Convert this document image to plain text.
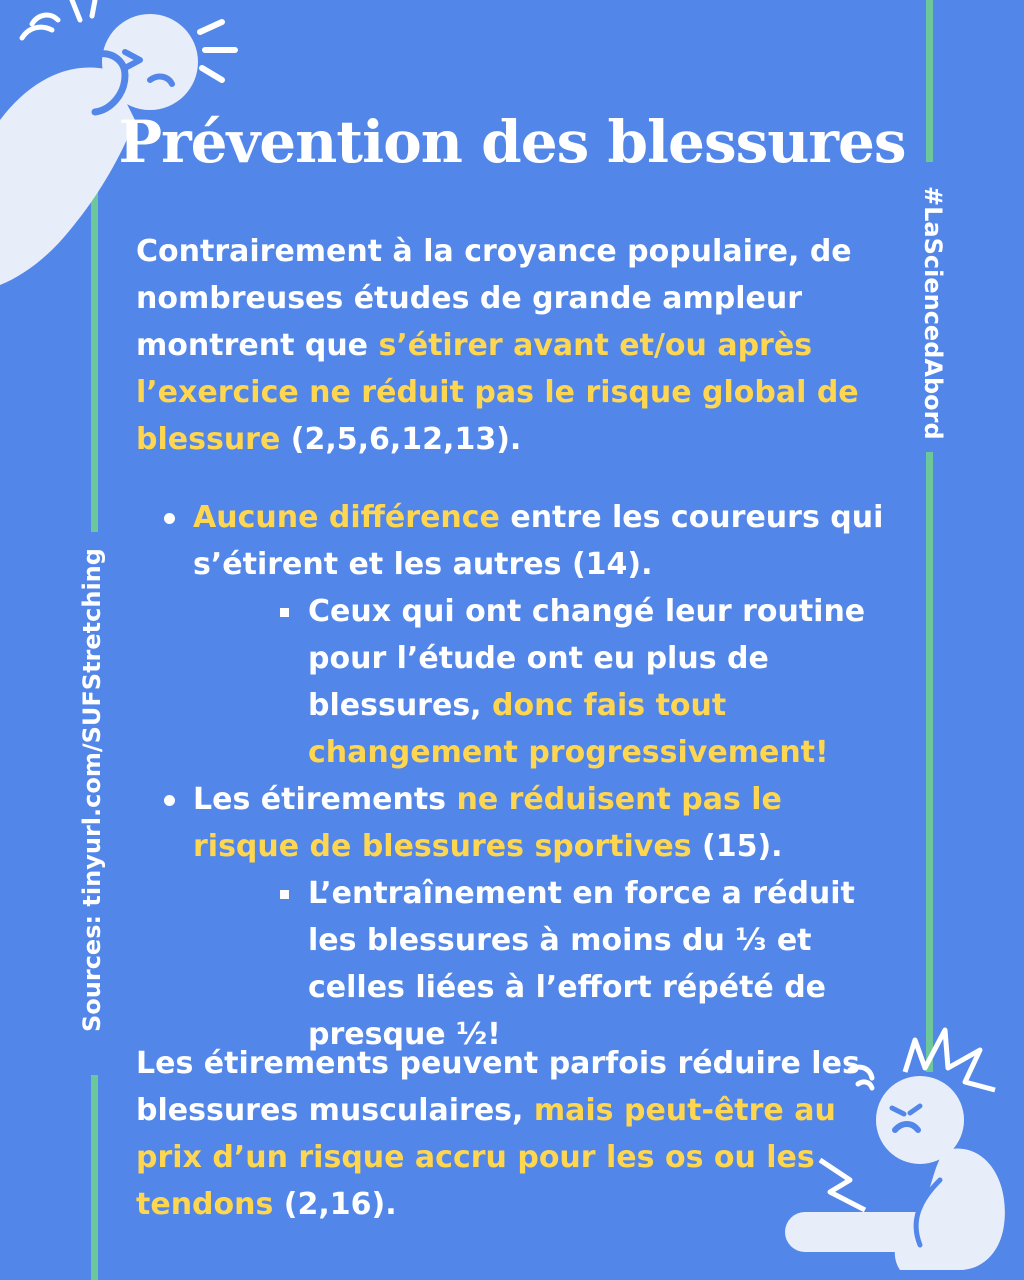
Prévention des blessures
#LaSciencedAbord
Sources: tinyurl.com/SUFStretching

Contrairement à la croyance populaire, de nombreuses études de grande ampleur montrent que s’étirer avant et/ou après l’exercice ne réduit pas le risque global de blessure (2,5,6,12,13).

Aucune différence entre les coureurs qui s’étirent et les autres (14).
Ceux qui ont changé leur routine pour l’étude ont eu plus de blessures, donc fais tout changement progressivement!
Les étirements ne réduisent pas le risque de blessures sportives (15).
L’entraînement en force a réduit les blessures à moins du ⅓ et celles liées à l’effort répété de presque ½!

Les étirements peuvent parfois réduire les blessures musculaires, mais peut-être au prix d’un risque accru pour les os ou les tendons (2,16).
